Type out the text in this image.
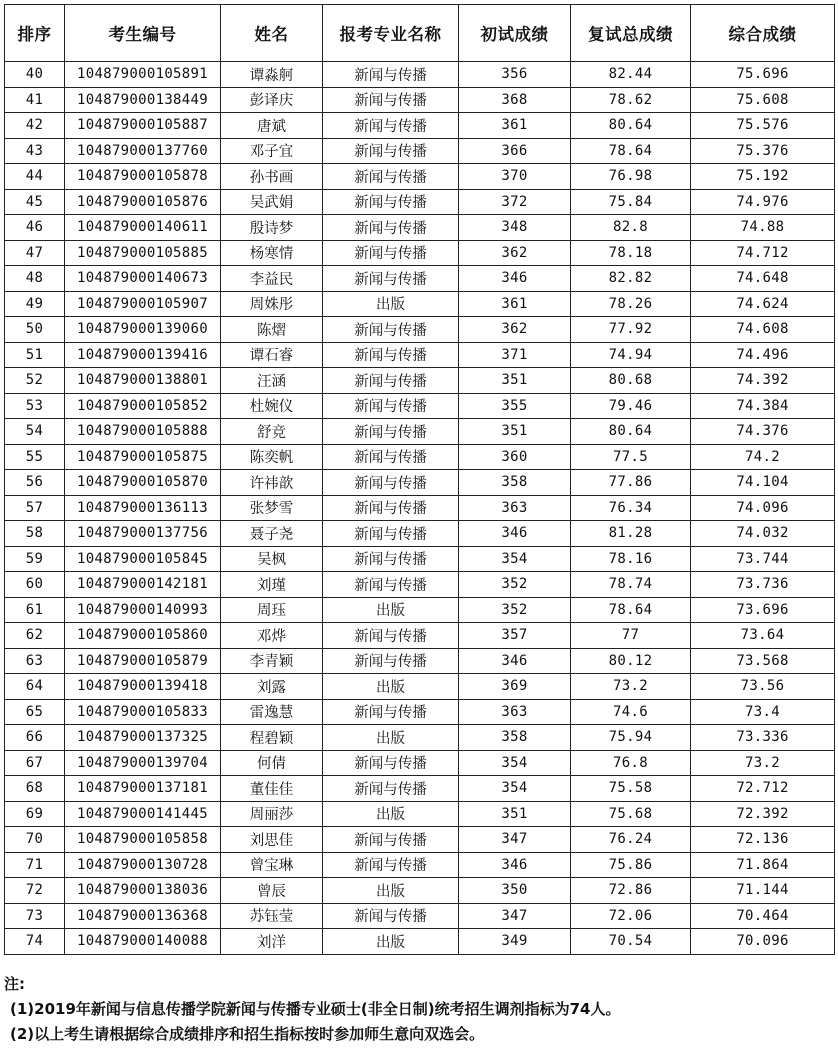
排序	考生编号	姓名	报考专业名称	初试成绩	复试总成绩	综合成绩
40	104879000105891	谭淼舸	新闻与传播	356	82.44	75.696
41	104879000138449	彭译庆	新闻与传播	368	78.62	75.608
42	104879000105887	唐斌	新闻与传播	361	80.64	75.576
43	104879000137760	邓子宜	新闻与传播	366	78.64	75.376
44	104879000105878	孙书画	新闻与传播	370	76.98	75.192
45	104879000105876	吴武娟	新闻与传播	372	75.84	74.976
46	104879000140611	殷诗梦	新闻与传播	348	82.8	74.88
47	104879000105885	杨寒情	新闻与传播	362	78.18	74.712
48	104879000140673	李益民	新闻与传播	346	82.82	74.648
49	104879000105907	周姝彤	出版	361	78.26	74.624
50	104879000139060	陈熠	新闻与传播	362	77.92	74.608
51	104879000139416	谭石睿	新闻与传播	371	74.94	74.496
52	104879000138801	汪涵	新闻与传播	351	80.68	74.392
53	104879000105852	杜婉仪	新闻与传播	355	79.46	74.384
54	104879000105888	舒竞	新闻与传播	351	80.64	74.376
55	104879000105875	陈奕帆	新闻与传播	360	77.5	74.2
56	104879000105870	许祎歆	新闻与传播	358	77.86	74.104
57	104879000136113	张梦雪	新闻与传播	363	76.34	74.096
58	104879000137756	聂子尧	新闻与传播	346	81.28	74.032
59	104879000105845	吴枫	新闻与传播	354	78.16	73.744
60	104879000142181	刘瑾	新闻与传播	352	78.74	73.736
61	104879000140993	周珏	出版	352	78.64	73.696
62	104879000105860	邓烨	新闻与传播	357	77	73.64
63	104879000105879	李青颖	新闻与传播	346	80.12	73.568
64	104879000139418	刘露	出版	369	73.2	73.56
65	104879000105833	雷逸慧	新闻与传播	363	74.6	73.4
66	104879000137325	程碧颖	出版	358	75.94	73.336
67	104879000139704	何倩	新闻与传播	354	76.8	73.2
68	104879000137181	董佳佳	新闻与传播	354	75.58	72.712
69	104879000141445	周丽莎	出版	351	75.68	72.392
70	104879000105858	刘思佳	新闻与传播	347	76.24	72.136
71	104879000130728	曾宝琳	新闻与传播	346	75.86	71.864
72	104879000138036	曾辰	出版	350	72.86	71.144
73	104879000136368	苏钰莹	新闻与传播	347	72.06	70.464
74	104879000140088	刘洋	出版	349	70.54	70.096
注:
(1)2019年新闻与信息传播学院新闻与传播专业硕士(非全日制)统考招生调剂指标为74人。
(2)以上考生请根据综合成绩排序和招生指标按时参加师生意向双选会。
